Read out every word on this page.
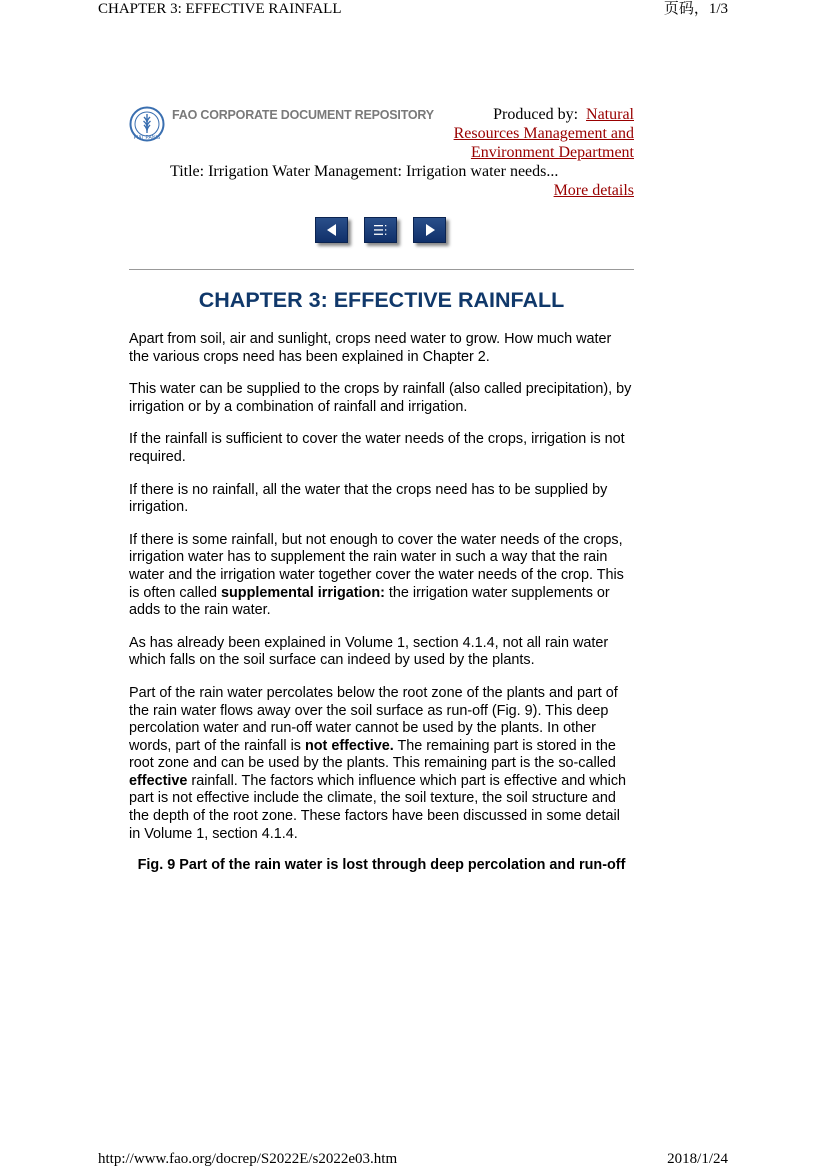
CHAPTER 3: EFFECTIVE RAINFALL	页码，1/3
FIAT PANIS
FAO CORPORATE DOCUMENT REPOSITORY	Produced by: Natural
Resources Management and
Environment Department
Title: Irrigation Water Management: Irrigation water needs...
More details
CHAPTER 3: EFFECTIVE RAINFALL

Apart from soil, air and sunlight, crops need water to grow. How much water the various crops need has been explained in Chapter 2.

This water can be supplied to the crops by rainfall (also called precipitation), by irrigation or by a combination of rainfall and irrigation.

If the rainfall is sufficient to cover the water needs of the crops, irrigation is not required.

If there is no rainfall, all the water that the crops need has to be supplied by irrigation.

If there is some rainfall, but not enough to cover the water needs of the crops, irrigation water has to supplement the rain water in such a way that the rain water and the irrigation water together cover the water needs of the crop. This is often called supplemental irrigation: the irrigation water supplements or adds to the rain water.

As has already been explained in Volume 1, section 4.1.4, not all rain water which falls on the soil surface can indeed by used by the plants.

Part of the rain water percolates below the root zone of the plants and part of the rain water flows away over the soil surface as run-off (Fig. 9). This deep percolation water and run-off water cannot be used by the plants. In other words, part of the rainfall is not effective. The remaining part is stored in the root zone and can be used by the plants. This remaining part is the so-called effective rainfall. The factors which influence which part is effective and which part is not effective include the climate, the soil texture, the soil structure and the depth of the root zone. These factors have been discussed in some detail in Volume 1, section 4.1.4.

Fig. 9 Part of the rain water is lost through deep percolation and run-off
http://www.fao.org/docrep/S2022E/s2022e03.htm	2018/1/24
